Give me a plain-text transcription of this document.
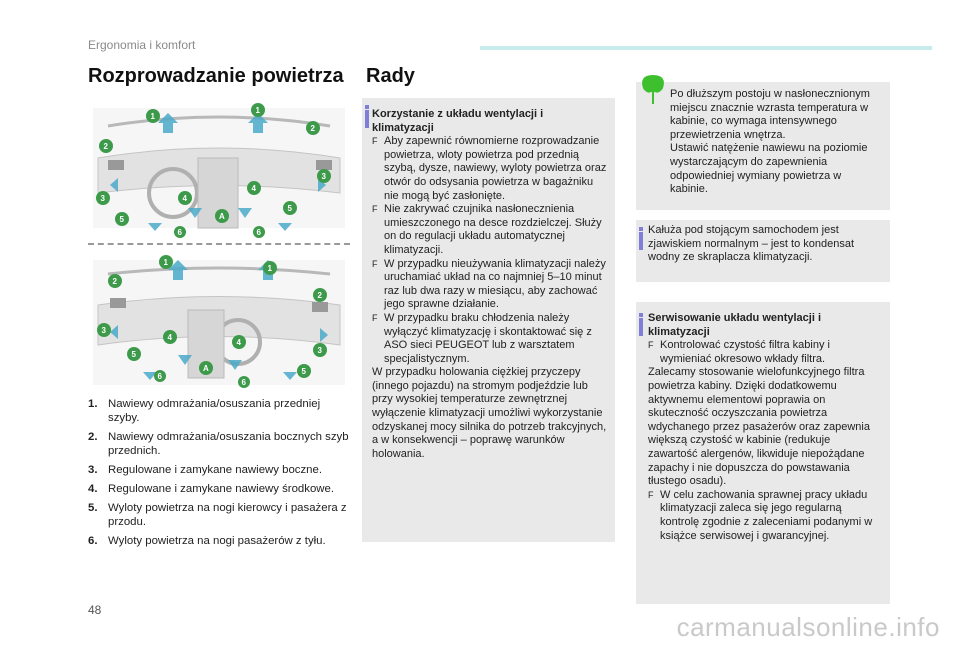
Ergonomia i komfort
Rozprowadzanie powietrza
1
1
2
2
3
3
4
4
5
5
6	6
A
1
1
2
2
3
3
4
4
5
5
6
6
A
1. Nawiewy odmrażania/osuszania przedniej szyby.
2. Nawiewy odmrażania/osuszania bocznych szyb przednich.
3. Regulowane i zamykane nawiewy boczne.
4. Regulowane i zamykane nawiewy środkowe.
5. Wyloty powietrza na nogi kierowcy i pasażera z przodu.
6. Wyloty powietrza na nogi pasażerów z tyłu.
Rady

Korzystanie z układu wentylacji i klimatyzacji

F Aby zapewnić równomierne rozprowadzanie powietrza, wloty powietrza pod przednią szybą, dysze, nawiewy, wyloty powietrza oraz otwór do odsysania powietrza w bagażniku nie mogą być zasłonięte.
F Nie zakrywać czujnika nasłonecznienia umieszczonego na desce rozdzielczej. Służy on do regulacji układu automatycznej klimatyzacji.
F W przypadku nieużywania klimatyzacji należy uruchamiać układ na co najmniej 5–10 minut raz lub dwa razy w miesiącu, aby zachować jego sprawne działanie.
F W przypadku braku chłodzenia należy wyłączyć klimatyzację i skontaktować się z ASO sieci PEUGEOT lub z warsztatem specjalistycznym.

W przypadku holowania ciężkiej przyczepy (innego pojazdu) na stromym podjeździe lub przy wysokiej temperaturze zewnętrznej wyłączenie klimatyzacji umożliwi wykorzystanie odzyskanej mocy silnika do potrzeb trakcyjnych, a w konsekwencji – poprawę warunków holowania.

Po dłuższym postoju w nasłonecznionym miejscu znacznie wzrasta temperatura w kabinie, co wymaga intensywnego przewietrzenia wnętrza.
Ustawić natężenie nawiewu na poziomie wystarczającym do zapewnienia odpowiedniej wymiany powietrza w kabinie.

Kałuża pod stojącym samochodem jest zjawiskiem normalnym – jest to kondensat wodny ze skraplacza klimatyzacji.

Serwisowanie układu wentylacji i klimatyzacji

F Kontrolować czystość filtra kabiny i wymieniać okresowo wkłady filtra.

Zalecamy stosowanie wielofunkcyjnego filtra powietrza kabiny. Dzięki dodatkowemu aktywnemu elementowi poprawia on skuteczność oczyszczania powietrza wdychanego przez pasażerów oraz zapewnia większą czystość w kabinie (redukuje zawartość alergenów, likwiduje niepożądane zapachy i nie dopuszcza do powstawania tłustego osadu).

F W celu zachowania sprawnej pracy układu klimatyzacji zaleca się jego regularną kontrolę zgodnie z zaleceniami podanymi w książce serwisowej i gwarancyjnej.
48
carmanualsonline.info
